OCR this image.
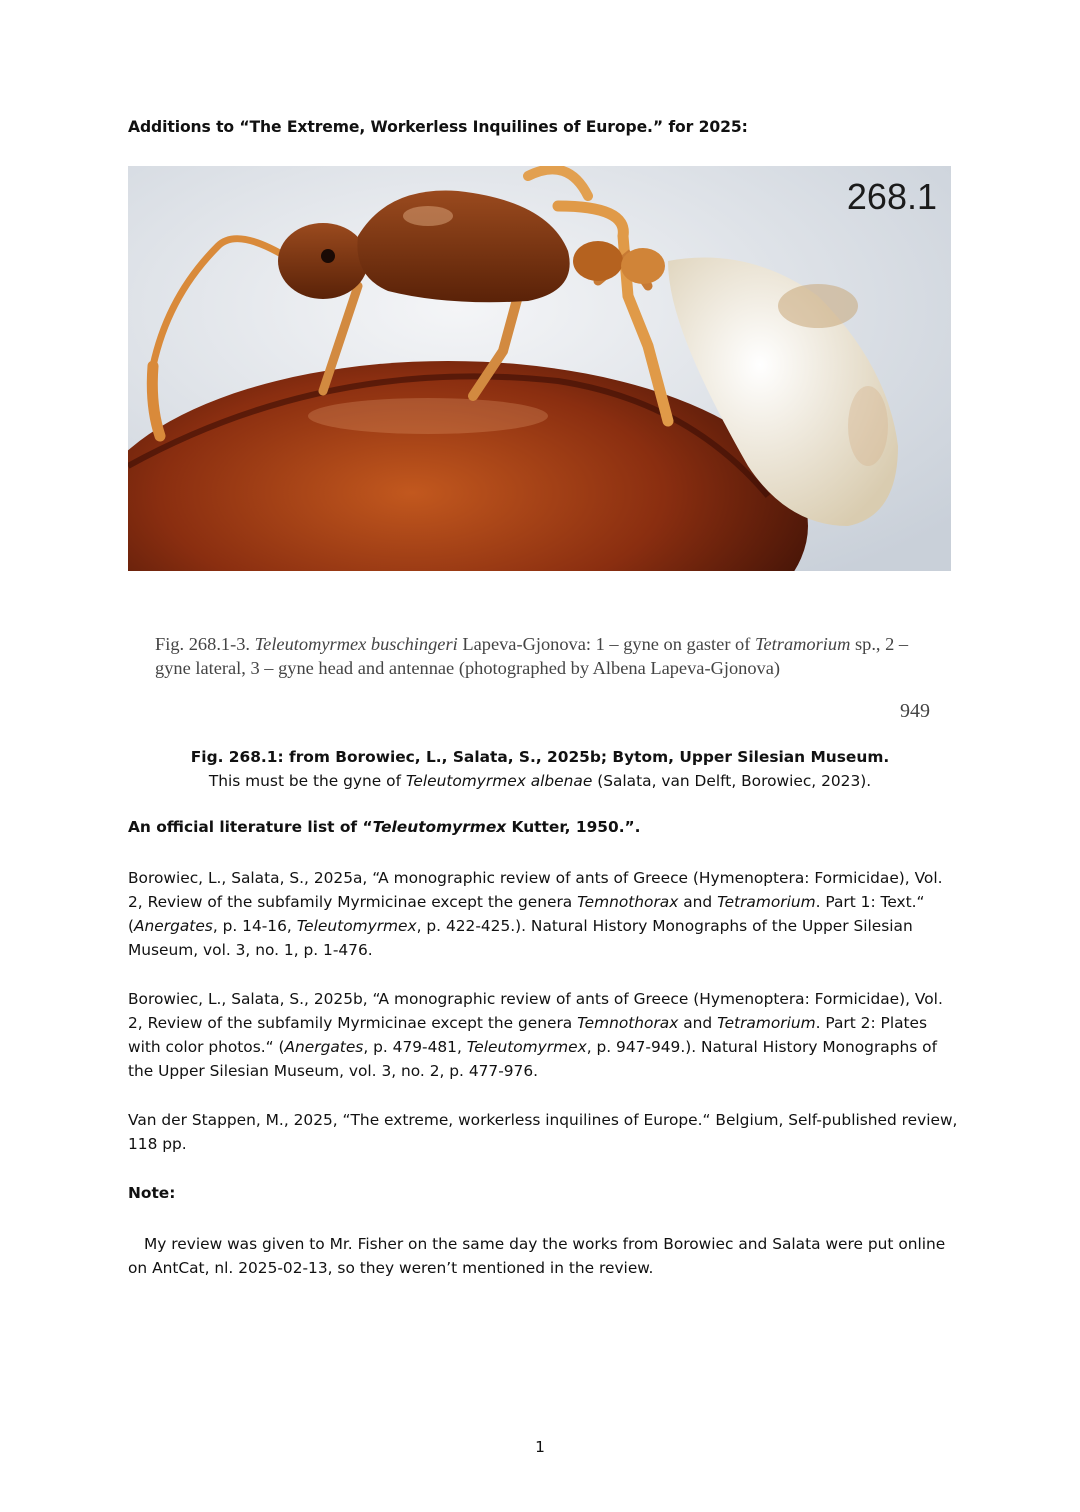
Additions to “The Extreme, Workerless Inquilines of Europe.” for 2025:
268.1
Fig. 268.1-3. Teleutomyrmex buschingeri Lapeva-Gjonova: 1 – gyne on gaster of Tetramorium sp., 2 – gyne lateral, 3 – gyne head and antennae (photographed by Albena Lapeva-Gjonova)
949
Fig. 268.1: from Borowiec, L., Salata, S., 2025b; Bytom, Upper Silesian Museum.
This must be the gyne of Teleutomyrmex albenae (Salata, van Delft, Borowiec, 2023).
An official literature list of “Teleutomyrmex Kutter, 1950.”.
Borowiec, L., Salata, S., 2025a, “A monographic review of ants of Greece (Hymenoptera: Formicidae), Vol. 2, Review of the subfamily Myrmicinae except the genera Temnothorax and Tetramorium. Part 1: Text.“ (Anergates, p. 14-16, Teleutomyrmex, p. 422-425.). Natural History Monographs of the Upper Silesian Museum, vol. 3, no. 1, p. 1-476.
Borowiec, L., Salata, S., 2025b, “A monographic review of ants of Greece (Hymenoptera: Formicidae), Vol. 2, Review of the subfamily Myrmicinae except the genera Temnothorax and Tetramorium. Part 2: Plates with color photos.“ (Anergates, p. 479-481, Teleutomyrmex, p. 947-949.). Natural History Monographs of the Upper Silesian Museum, vol. 3, no. 2, p. 477-976.
Van der Stappen, M., 2025, “The extreme, workerless inquilines of Europe.“ Belgium, Self-published review, 118 pp.
Note:
My review was given to Mr. Fisher on the same day the works from Borowiec and Salata were put online on AntCat, nl. 2025-02-13, so they weren’t mentioned in the review.
1
